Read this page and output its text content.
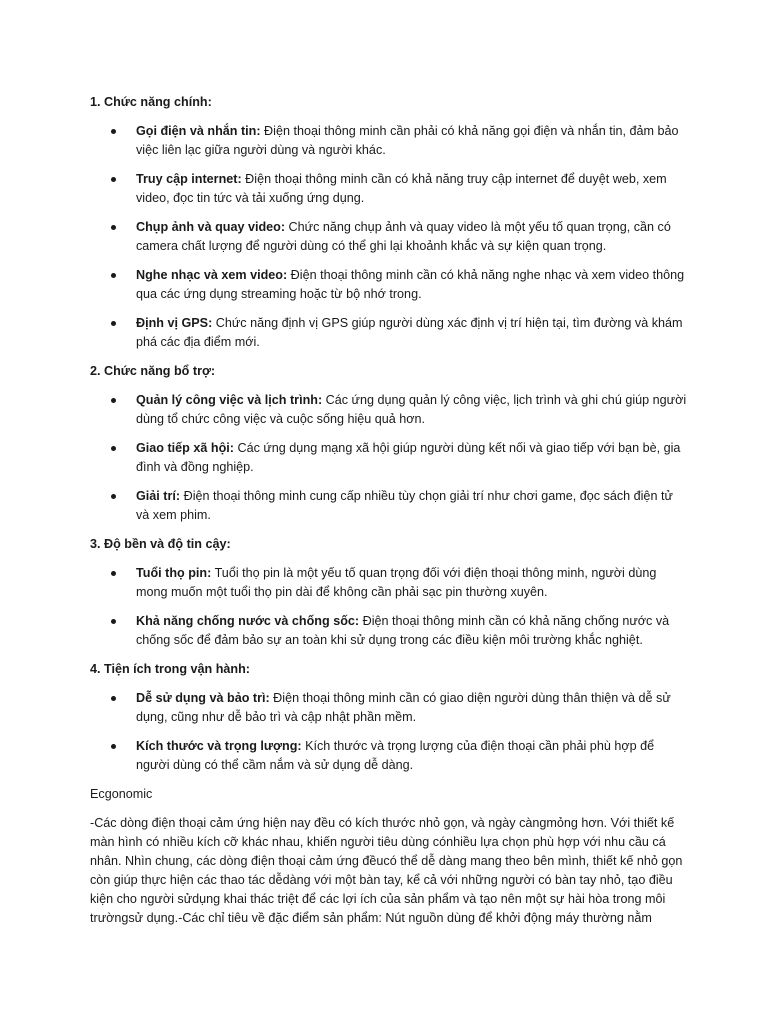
1. Chức năng chính:
Gọi điện và nhắn tin: Điện thoại thông minh cần phải có khả năng gọi điện và nhắn tin, đảm bảo việc liên lạc giữa người dùng và người khác.
Truy cập internet: Điện thoại thông minh cần có khả năng truy cập internet để duyệt web, xem video, đọc tin tức và tải xuống ứng dụng.
Chụp ảnh và quay video: Chức năng chụp ảnh và quay video là một yếu tố quan trọng, cần có camera chất lượng để người dùng có thể ghi lại khoảnh khắc và sự kiện quan trọng.
Nghe nhạc và xem video: Điện thoại thông minh cần có khả năng nghe nhạc và xem video thông qua các ứng dụng streaming hoặc từ bộ nhớ trong.
Định vị GPS: Chức năng định vị GPS giúp người dùng xác định vị trí hiện tại, tìm đường và khám phá các địa điểm mới.
2. Chức năng bổ trợ:
Quản lý công việc và lịch trình: Các ứng dụng quản lý công việc, lịch trình và ghi chú giúp người dùng tổ chức công việc và cuộc sống hiệu quả hơn.
Giao tiếp xã hội: Các ứng dụng mạng xã hội giúp người dùng kết nối và giao tiếp với bạn bè, gia đình và đồng nghiệp.
Giải trí: Điện thoại thông minh cung cấp nhiều tùy chọn giải trí như chơi game, đọc sách điện tử và xem phim.
3. Độ bền và độ tin cậy:
Tuổi thọ pin: Tuổi thọ pin là một yếu tố quan trọng đối với điện thoại thông minh, người dùng mong muốn một tuổi thọ pin dài để không cần phải sạc pin thường xuyên.
Khả năng chống nước và chống sốc: Điện thoại thông minh cần có khả năng chống nước và chống sốc để đảm bảo sự an toàn khi sử dụng trong các điều kiện môi trường khắc nghiệt.
4. Tiện ích trong vận hành:
Dễ sử dụng và bảo trì: Điện thoại thông minh cần có giao diện người dùng thân thiện và dễ sử dụng, cũng như dễ bảo trì và cập nhật phần mềm.
Kích thước và trọng lượng: Kích thước và trọng lượng của điện thoại cần phải phù hợp để người dùng có thể cầm nắm và sử dụng dễ dàng.
Ecgonomic

-Các dòng điện thoại cảm ứng hiện nay đều có kích thước nhỏ gọn, và ngày càngmỏng hơn. Với thiết kế màn hình có nhiều kích cỡ khác nhau, khiến người tiêu dùng cónhiều lựa chọn phù hợp với nhu cầu cá nhân. Nhìn chung, các dòng điện thoại cảm ứng đềucó thể dễ dàng mang theo bên mình, thiết kế nhỏ gọn còn giúp thực hiện các thao tác dễdàng với một bàn tay, kể cả với những người có bàn tay nhỏ, tạo điều kiện cho người sửdụng khai thác triệt để các lợi ích của sản phẩm và tạo nên một sự hài hòa trong môi trườngsử dụng.-Các chỉ tiêu về đặc điểm sản phẩm: Nút nguồn dùng để khởi động máy thường nằm
